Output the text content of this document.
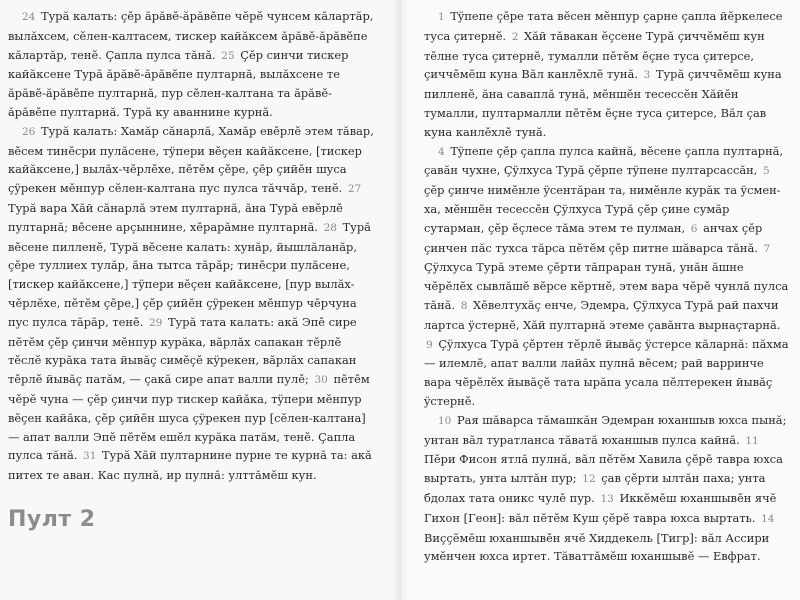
24 Турă калать: çĕр ăрăвĕ-ăрăвĕпе чĕрĕ чунсем кăлартăр, вылăхсем, сĕлен-калтасем, тискер кайăксем ăрăвĕ-ăрăвĕпе кăлартăр, тенĕ. Çапла пулса тăнă. 25 Çĕр синчи тискер кайăксене Турă ăрăвĕ-ăрăвĕпе пултарнă, вылăхсене те ăрăвĕ-ăрăвĕпе пултарнă, пур сĕлен-калтана та ăрăвĕ-ăрăвĕпе пултарнă. Турă ку аваннине курнă.

26 Турă калать: Хамăр сăнарлă, Хамăр евĕрлĕ этем тăвар, вĕсем тинĕсри пулăсене, тÿпери вĕçен кайăксене, [тискер кайăксене,] вылăх-чĕрлĕхе, пĕтĕм çĕре, çĕр çийĕн шуса çÿрекен мĕнпур сĕлен-калтана пус пулса тăччăр, тенĕ. 27 Турă вара Хăй сăнарлă этем пултарнă, ăна Турă евĕрлĕ пултарнă; вĕсене арçыннине, хĕрарăмне пултарнă. 28 Турă вĕсене пилленĕ, Турă вĕсене калать: хунăр, йышлăланăр, çĕре туллиех тулăр, ăна тытса тăрăр; тинĕсри пулăсене, [тискер кайăксене,] тÿпери вĕçен кайăксене, [пур вылăх-чĕрлĕхе, пĕтĕм çĕре,] çĕр çийĕн çÿрекен мĕнпур чĕрчуна пус пулса тăрăр, тенĕ. 29 Турă тата калать: акă Эпĕ сире пĕтĕм çĕр çинчи мĕнпур курăка, вăрлăх сапакан тĕрлĕ тĕслĕ курăка тата йывăç симĕçĕ кÿрекен, вăрлăх сапакан тĕрлĕ йывăç патăм, — çакă сире апат валли пулĕ; 30 пĕтĕм чĕрĕ чуна — çĕр çинчи пур тискер кайăка, тÿпери мĕнпур вĕçен кайăка, çĕр çийĕн шуса çÿрекен пур [сĕлен-калтана] — апат валли Эпĕ пĕтĕм ешĕл курăка патăм, тенĕ. Çапла пулса тăнă. 31 Турă Хăй пултарнине пурне те курнă та: акă питех те аван. Кас пулнă, ир пулнă: улттăмĕш кун.

Пулт 2

1 Тÿпепе çĕре тата вĕсен мĕнпур çарне çапла йĕркелесе туса çитернĕ. 2 Хăй тăвакан ĕçсене Турă çиччĕмĕш кун тĕлне туса çитернĕ, тумалли пĕтĕм ĕçне туса çитерсе, çиччĕмĕш куна Вăл канлĕхлĕ тунă. 3 Турă çиччĕмĕш куна пилленĕ, ăна саваплă тунă, мĕншĕн тесессĕн Хăйĕн тумалли, пултармалли пĕтĕм ĕçне туса çитерсе, Вăл çав куна канлĕхлĕ тунă.

4 Тÿпепе çĕр çапла пулса кайнă, вĕсене çапла пултарнă, çавăн чухне, Çÿлхуса Турă çĕрпе тÿпене пултарсассăн, 5 çĕр çинче нимĕнле ÿсентăран та, нимĕнле курăк та ÿсмен-ха, мĕншĕн тесессĕн Çÿлхуса Турă çĕр çине сумăр сутарман, çĕр ĕçлесе тăма этем те пулман, 6 анчах çĕр çинчен пăс тухса тăрса пĕтĕм çĕр питне шăварса тăнă. 7 Çÿлхуса Турă этеме çĕрти тăпраран тунă, унăн ăшне чĕрĕлĕх сывлăшĕ вĕрсе кĕртнĕ, этем вара чĕрĕ чунлă пулса тăнă. 8 Хĕвелтухăç енче, Эдемра, Çÿлхуса Турă рай пахчи лартса ÿстернĕ, Хăй пултарнă этеме çавăнта вырнаçтарнă. 9 Çÿлхуса Турă çĕртен тĕрлĕ йывăç ÿстерсе кăларнă: пăхма — илемлĕ, апат валли лайăх пулнă вĕсем; рай варринче вара чĕрĕлĕх йывăçĕ тата ырăпа усала пĕлтерекен йывăç ÿстернĕ.

10 Рая шăварса тăмашкăн Эдемран юханшыв юхса пынă; унтан вăл туратланса тăватă юханшыв пулса кайнă. 11 Пĕри Фисон ятлă пулнă, вăл пĕтĕм Хавила çĕрĕ тавра юхса выртать, унта ылтăн пур; 12 çав çĕрти ылтăн паха; унта бдолах тата оникс чулĕ пур. 13 Иккĕмĕш юханшывĕн ячĕ Гихон [Геон]: вăл пĕтĕм Куш çĕрĕ тавра юхса выртать. 14 Виççĕмĕш юханшывĕн ячĕ Хиддекель [Тигр]: вăл Ассири умĕнчен юхса иртет. Тăваттăмĕш юханшывĕ — Евфрат.
